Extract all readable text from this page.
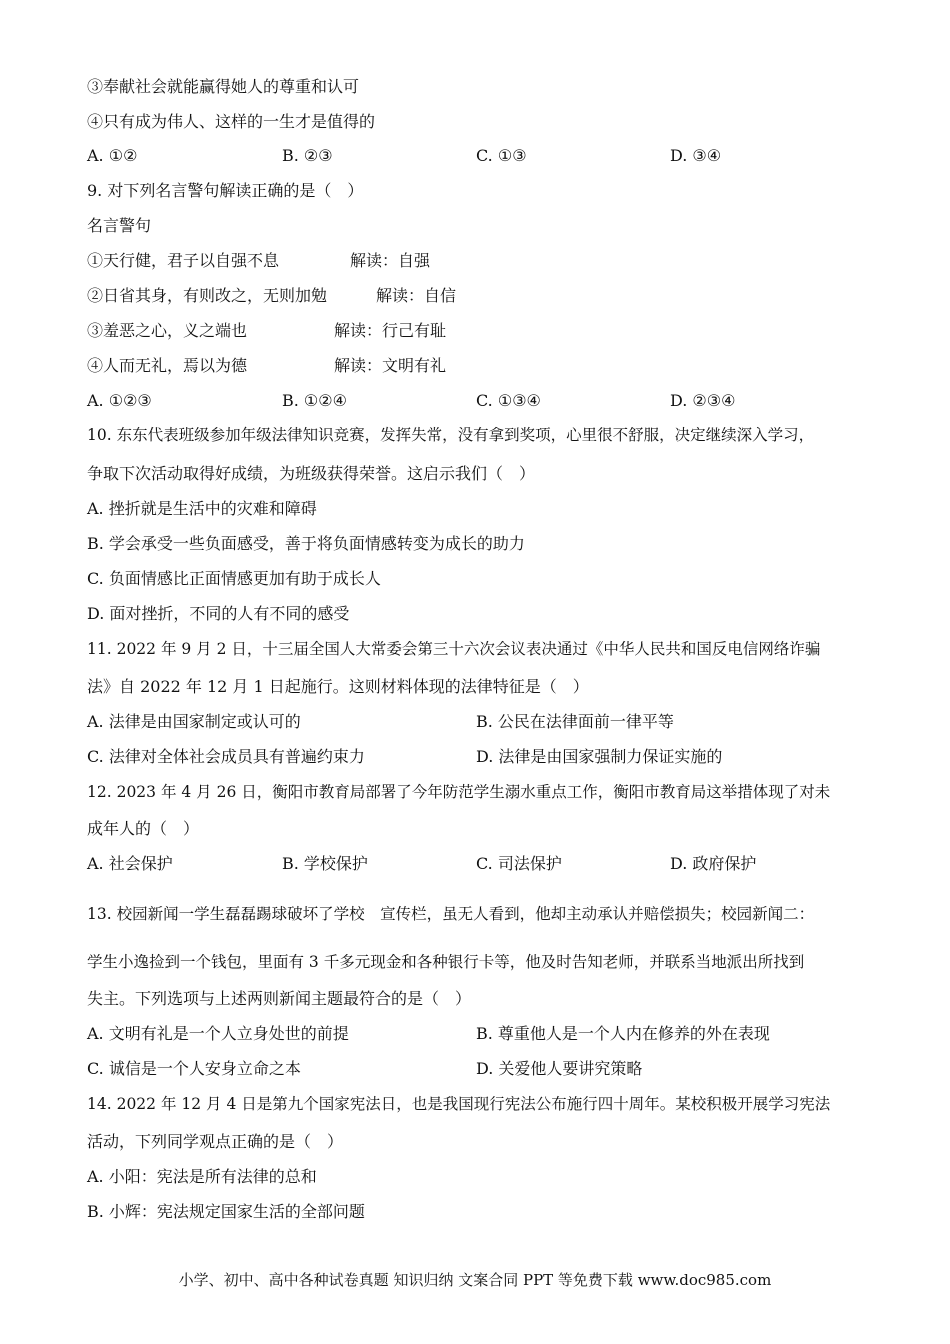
③奉献社会就能赢得她人的尊重和认可
④只有成为伟人、这样的一生才是值得的
A. ①②	B. ②③	C. ①③	D. ③④
9. 对下列名言警句解读正确的是（　）
名言警句
①天行健，君子以自强不息	解读：自强
②日省其身，有则改之，无则加勉	解读：自信
③羞恶之心，义之端也	解读：行己有耻
④人而无礼，焉以为德	解读：文明有礼
A. ①②③	B. ①②④	C. ①③④	D. ②③④
10. 东东代表班级参加年级法律知识竞赛，发挥失常，没有拿到奖项，心里很不舒服，决定继续深入学习，
争取下次活动取得好成绩，为班级获得荣誉。这启示我们（　）
A. 挫折就是生活中的灾难和障碍
B. 学会承受一些负面感受，善于将负面情感转变为成长的助力
C. 负面情感比正面情感更加有助于成长人
D. 面对挫折，不同的人有不同的感受
11. 2022 年 9 月 2 日，十三届全国人大常委会第三十六次会议表决通过《中华人民共和国反电信网络诈骗
法》自 2022 年 12 月 1 日起施行。这则材料体现的法律特征是（　）
A. 法律是由国家制定或认可的	B. 公民在法律面前一律平等
C. 法律对全体社会成员具有普遍约束力	D. 法律是由国家强制力保证实施的
12. 2023 年 4 月 26 日，衡阳市教育局部署了今年防范学生溺水重点工作，衡阳市教育局这举措体现了对未
成年人的（　）
A. 社会保护	B. 学校保护	C. 司法保护	D. 政府保护
13. 校园新闻一学生磊磊踢球破坏了学校　宣传栏，虽无人看到，他却主动承认并赔偿损失；校园新闻二：
学生小逸捡到一个钱包，里面有 3 千多元现金和各种银行卡等，他及时告知老师，并联系当地派出所找到
失主。下列选项与上述两则新闻主题最符合的是（　）
A. 文明有礼是一个人立身处世的前提	B. 尊重他人是一个人内在修养的外在表现
C. 诚信是一个人安身立命之本	D. 关爱他人要讲究策略
14. 2022 年 12 月 4 日是第九个国家宪法日，也是我国现行宪法公布施行四十周年。某校积极开展学习宪法
活动，下列同学观点正确的是（　）
A. 小阳：宪法是所有法律的总和
B. 小辉：宪法规定国家生活的全部问题
小学、初中、高中各种试卷真题 知识归纳 文案合同 PPT 等免费下载 www.doc985.com
